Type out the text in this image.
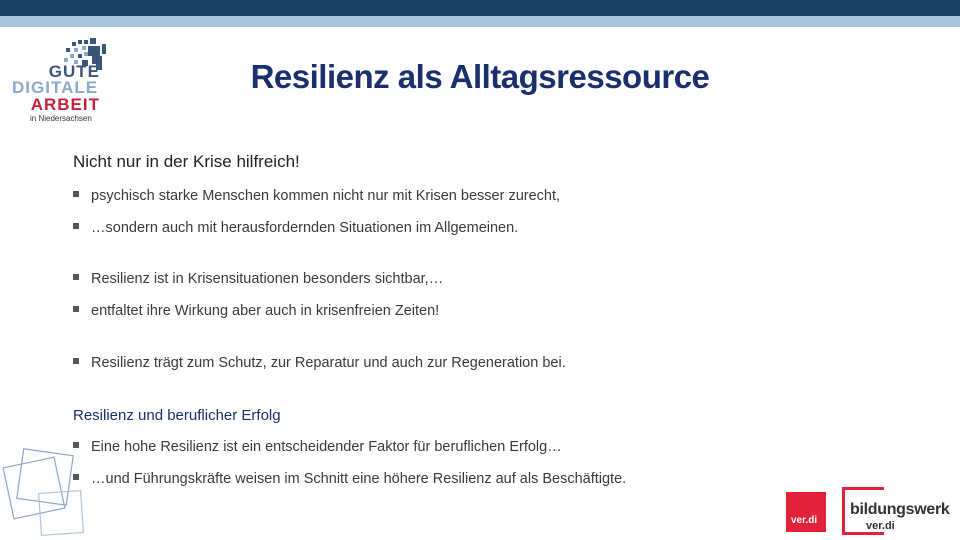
GUTE
DIGITALE
ARBEIT
in Niedersachsen
Resilienz als Alltagsressource
Nicht nur in der Krise hilfreich!
psychisch starke Menschen kommen nicht nur mit Krisen besser zurecht,
…sondern auch mit herausfordernden Situationen im Allgemeinen.
Resilienz ist in Krisensituationen besonders sichtbar,…
entfaltet ihre Wirkung aber auch in krisenfreien Zeiten!
Resilienz trägt zum Schutz, zur Reparatur und auch zur Regeneration bei.
Resilienz und beruflicher Erfolg
Eine hohe Resilienz ist ein entscheidender Faktor für beruflichen Erfolg…
…und Führungskräfte weisen im Schnitt eine höhere Resilienz auf als Beschäftigte.
ver.di
bildungswerk
ver.di
